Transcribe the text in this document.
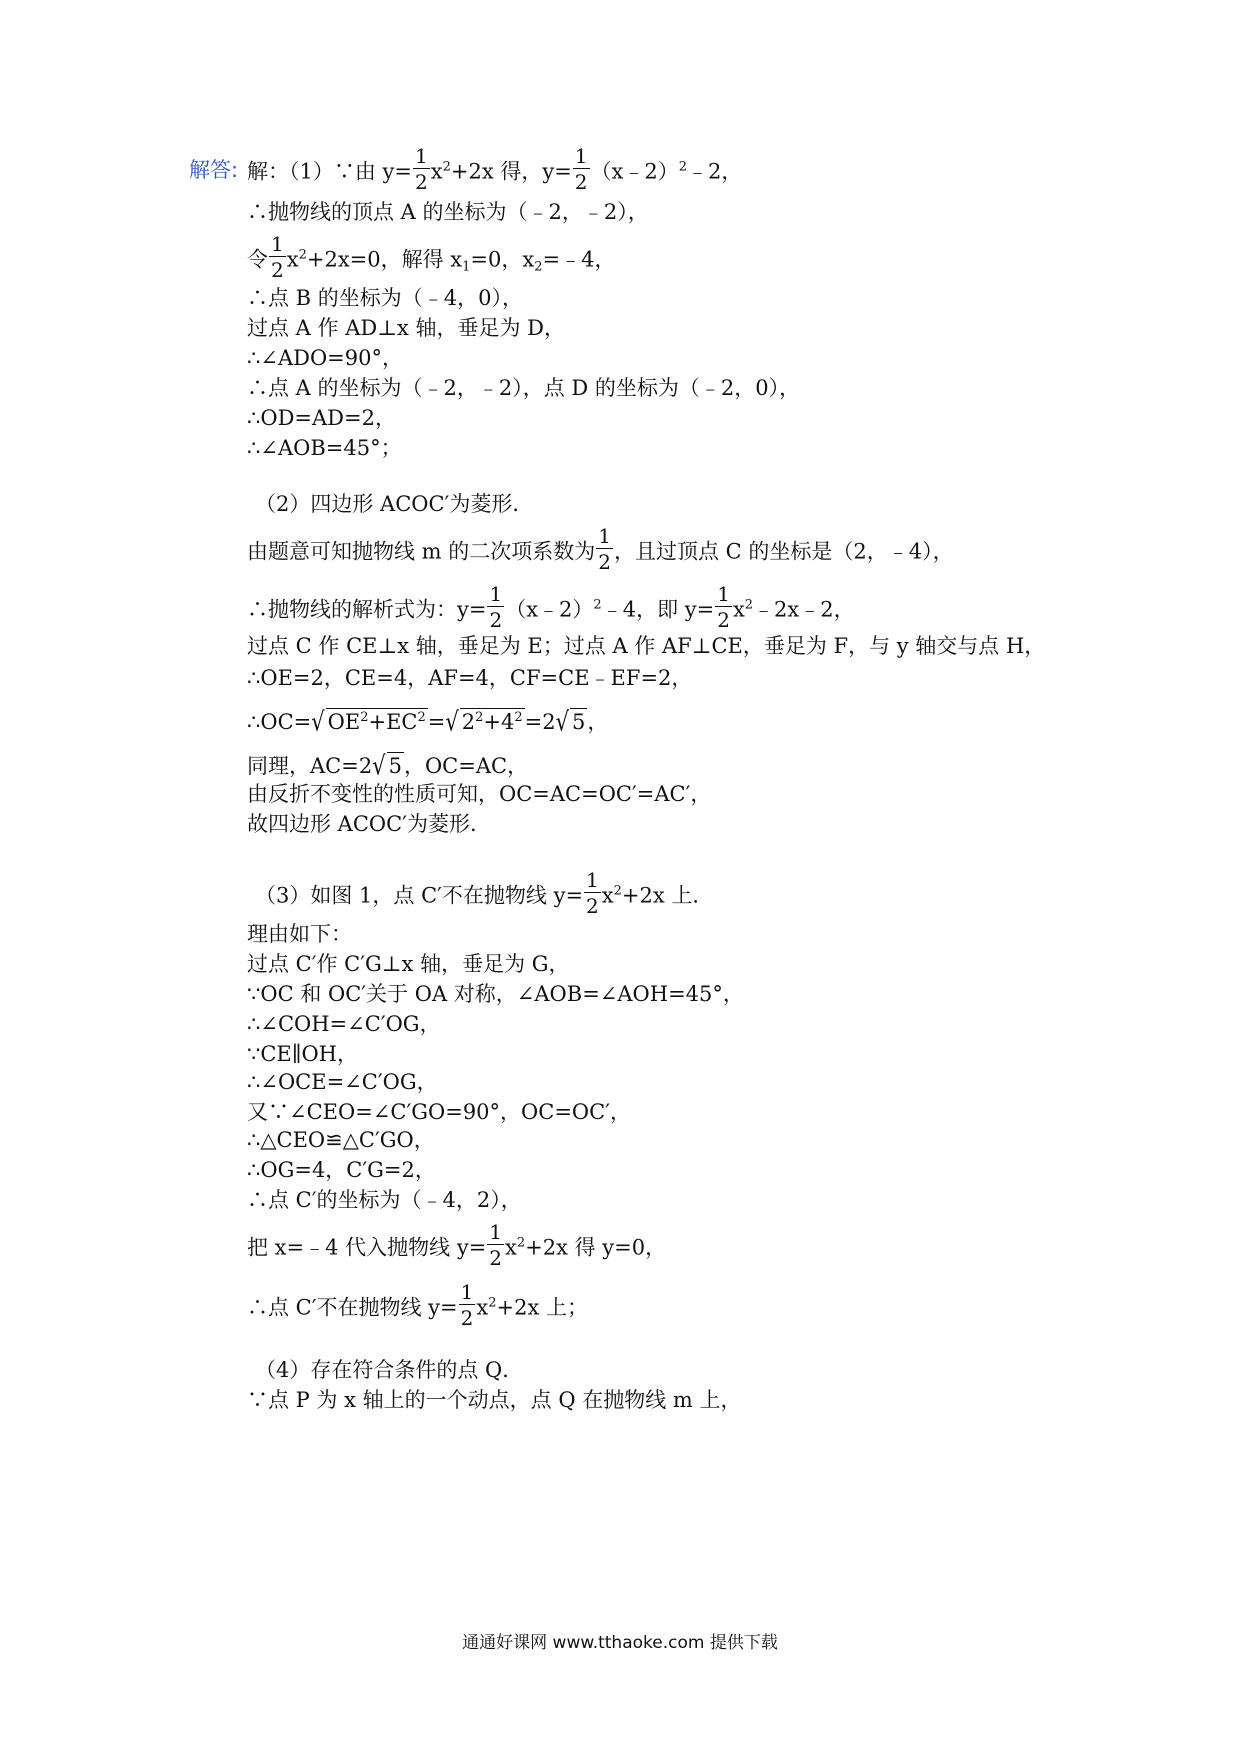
解答: 解：（1）∵由 $y= \frac{1}{2} x^2+2x$ 得，$y= \frac{1}{2}$ （x﹣2）$^2$﹣2，
∴抛物线的顶点 A 的坐标为（﹣2，﹣2），
令 $\frac{1}{2} x^2+2x=0$，解得 $x_1=0$，$x_2=﹣4$，
∴点 B 的坐标为（﹣4，0），
过点 A 作 AD⊥x 轴，垂足为 D，
∴∠ADO=90°，
∴点 A 的坐标为（﹣2，﹣2），点 D 的坐标为（﹣2，0），
∴OD=AD=2，
∴∠AOB=45°；
（2）四边形 ACOC′为菱形．
由题意可知抛物线 m 的二次项系数为 $\frac{1}{2}$ ，且过顶点 C 的坐标是（2，﹣4），
∴抛物线的解析式为：$y= \frac{1}{2}$ （x﹣2）$^2$﹣4，即 $y= \frac{1}{2}$ $x^2﹣2x﹣2$，
过点 C 作 CE⊥x 轴，垂足为 E；过点 A 作 AF⊥CE，垂足为 F，与 y 轴交与点 H，
∴OE=2，CE=4，AF=4，CF=CE﹣EF=2，
∴OC=√ $OE^2+EC^2=√$ $2^2+4^2=2√$ 5，
同理，AC=2√ 5，OC=AC，
由反折不变性的性质可知，OC=AC=OC′=AC′，
故四边形 ACOC′为菱形．
（3）如图 1，点 C′不在抛物线 $y= \frac{1}{2} x^2+2x$ 上．
理由如下：
过点 C′作 C′G⊥x 轴，垂足为 G，
∵OC 和 OC′关于 OA 对称，∠AOB=∠AOH=45°，
∴∠COH=∠C′OG，
∵CE∥OH，
∴∠OCE=∠C′OG，
又∵∠CEO=∠C′GO=90°，OC=OC′，
∴△CEO≌△C′GO，
∴OG=4，C′G=2，
∴点 C′的坐标为（﹣4，2），
把 x=﹣4 代入抛物线 $y= \frac{1}{2} x^2+2x$ 得 y=0，
∴点 C′不在抛物线 $y= \frac{1}{2} x^2+2x$ 上；
（4）存在符合条件的点 Q．
∵点 P 为 x 轴上的一个动点，点 Q 在抛物线 m 上，
通通好课网 www.tthaoke.com 提供下载
